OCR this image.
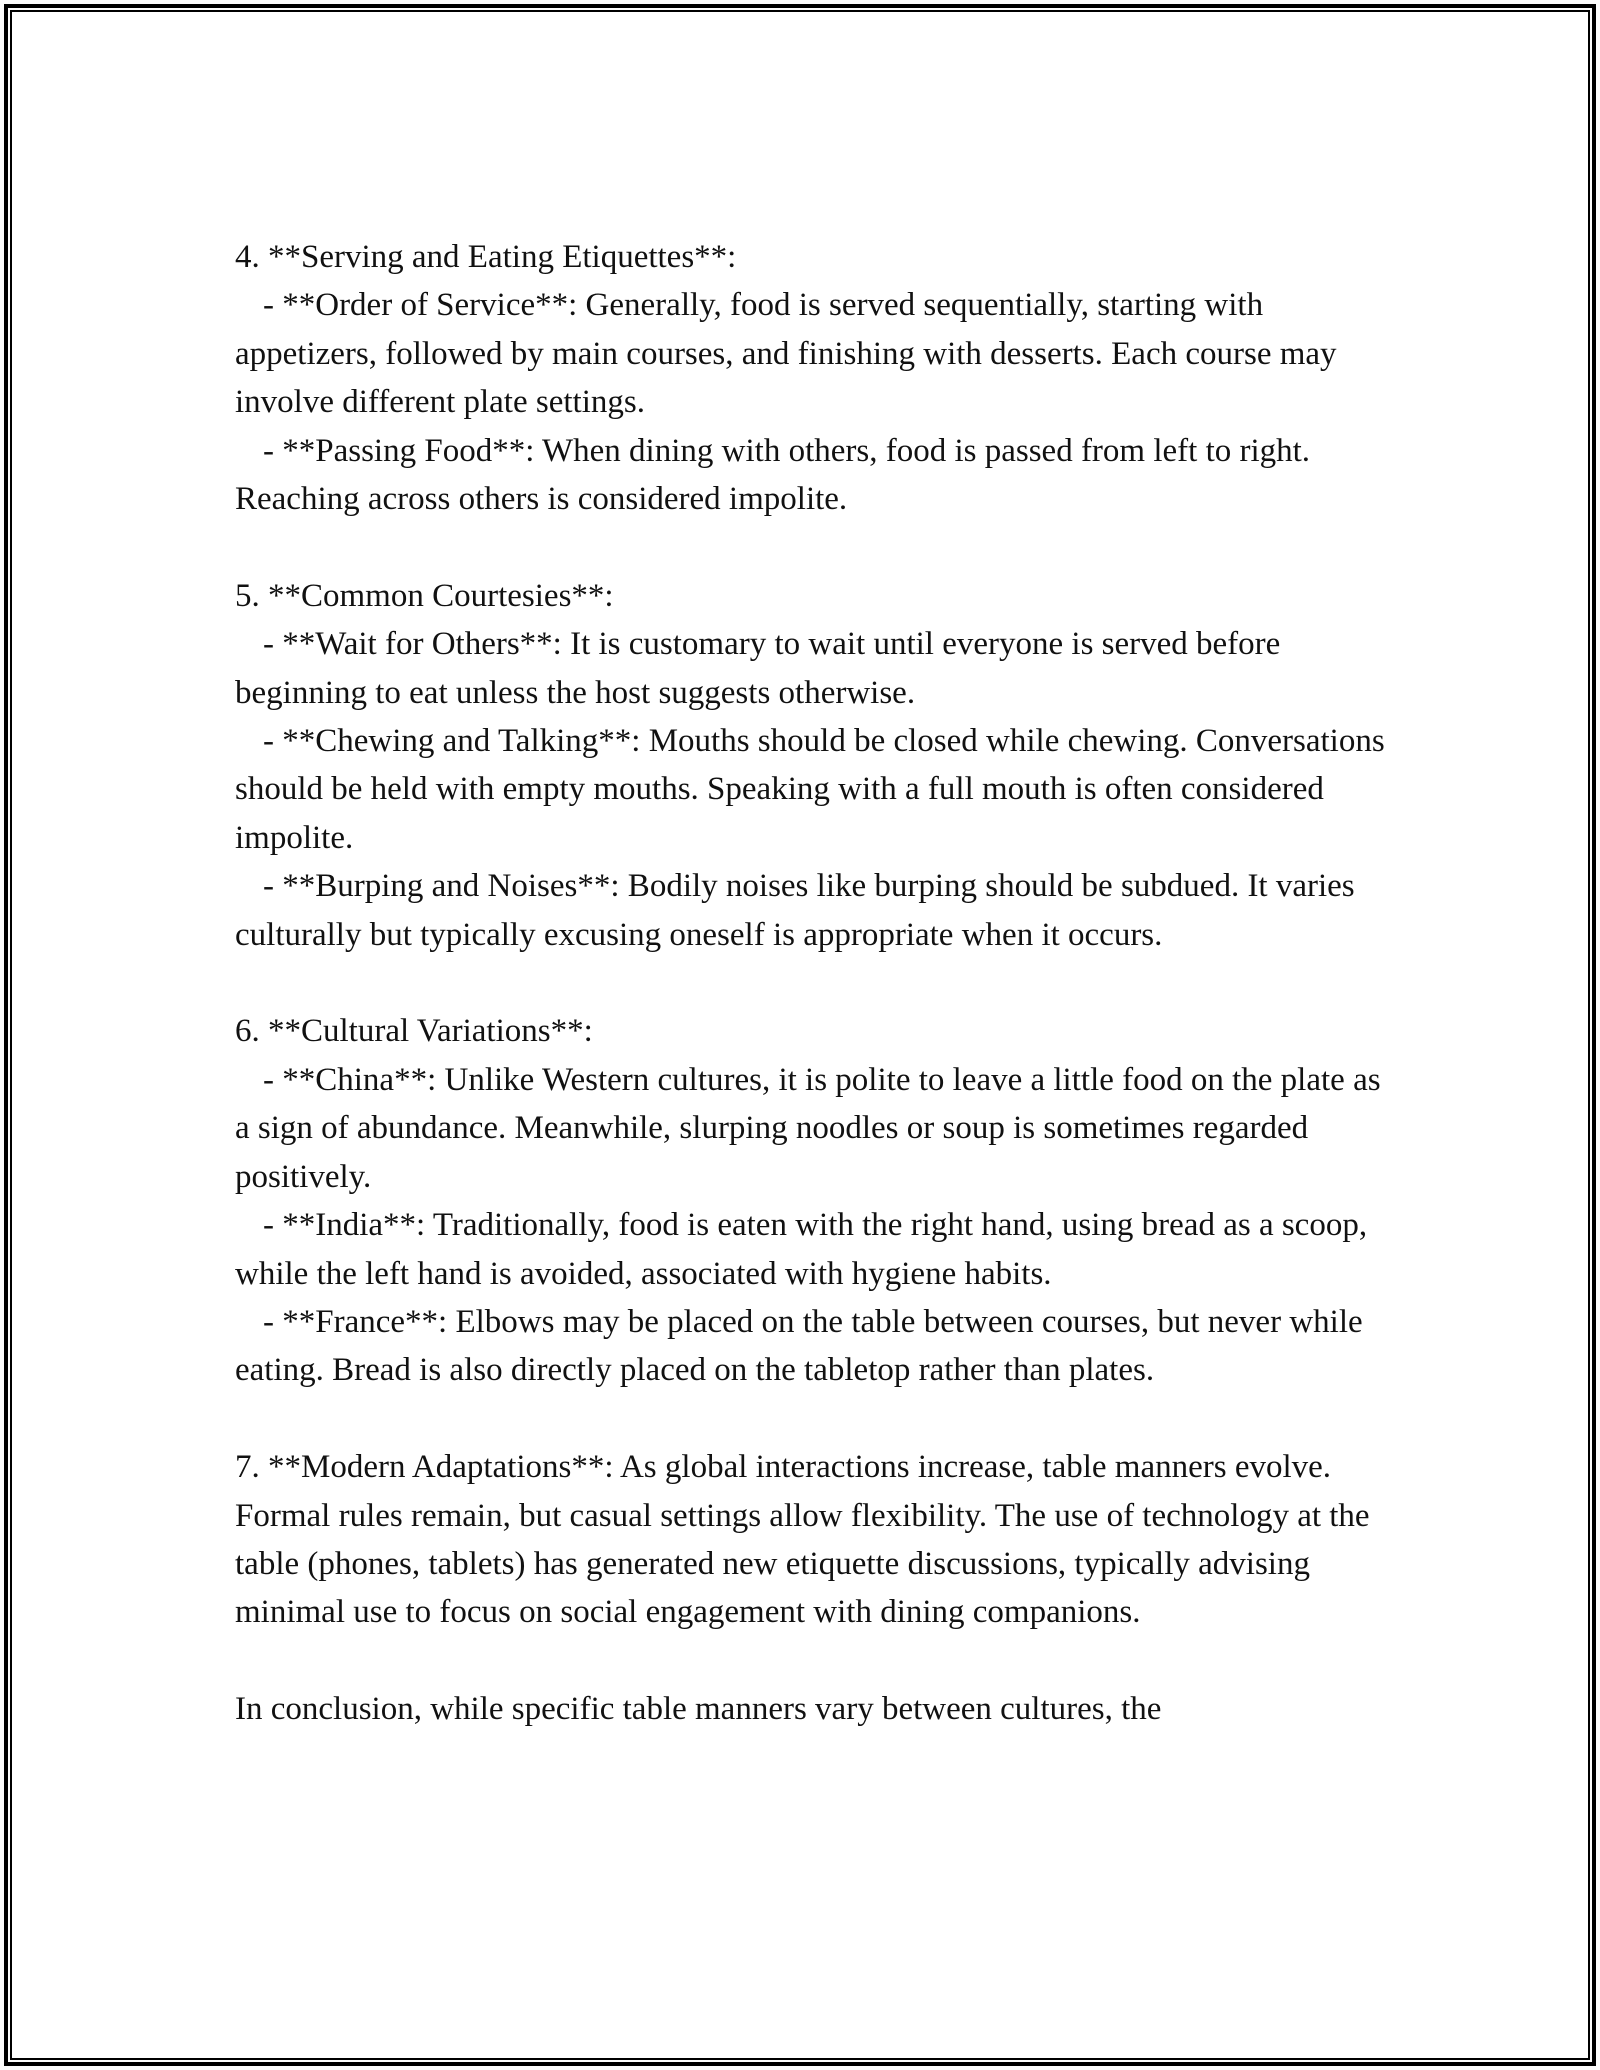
4. **Serving and Eating Etiquettes**:

- **Order of Service**: Generally, food is served sequentially, starting with appetizers, followed by main courses, and finishing with desserts. Each course may involve different plate settings.

- **Passing Food**: When dining with others, food is passed from left to right. Reaching across others is considered impolite.

5. **Common Courtesies**:

- **Wait for Others**: It is customary to wait until everyone is served before beginning to eat unless the host suggests otherwise.

- **Chewing and Talking**: Mouths should be closed while chewing. Conversations should be held with empty mouths. Speaking with a full mouth is often considered impolite.

- **Burping and Noises**: Bodily noises like burping should be subdued. It varies culturally but typically excusing oneself is appropriate when it occurs.

6. **Cultural Variations**:

- **China**: Unlike Western cultures, it is polite to leave a little food on the plate as a sign of abundance. Meanwhile, slurping noodles or soup is sometimes regarded positively.

- **India**: Traditionally, food is eaten with the right hand, using bread as a scoop, while the left hand is avoided, associated with hygiene habits.

- **France**: Elbows may be placed on the table between courses, but never while eating. Bread is also directly placed on the tabletop rather than plates.

7. **Modern Adaptations**: As global interactions increase, table manners evolve. Formal rules remain, but casual settings allow flexibility. The use of technology at the table (phones, tablets) has generated new etiquette discussions, typically advising minimal use to focus on social engagement with dining companions.

In conclusion, while specific table manners vary between cultures, the
